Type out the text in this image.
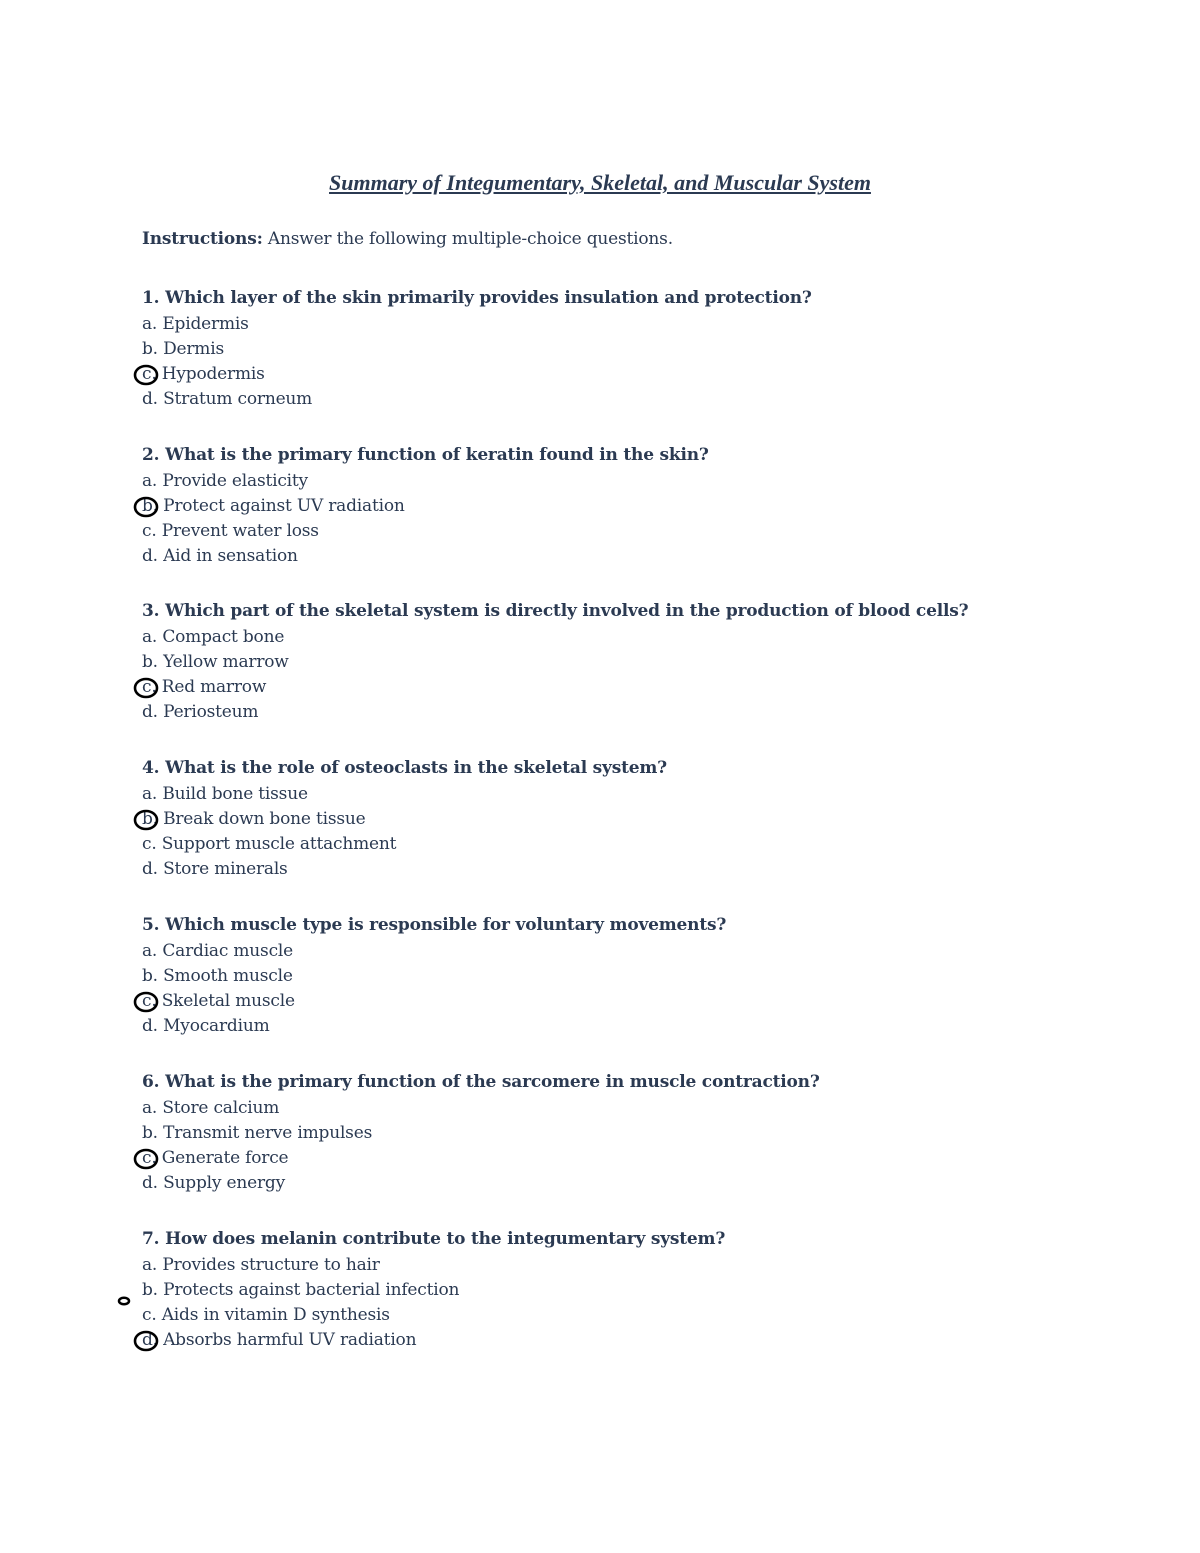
Summary of Integumentary, Skeletal, and Muscular System
Instructions: Answer the following multiple-choice questions.
1. Which layer of the skin primarily provides insulation and protection?
a. Epidermis
b. Dermis
c. Hypodermis
d. Stratum corneum
2. What is the primary function of keratin found in the skin?
a. Provide elasticity
b. Protect against UV radiation
c. Prevent water loss
d. Aid in sensation
3. Which part of the skeletal system is directly involved in the production of blood cells?
a. Compact bone
b. Yellow marrow
c. Red marrow
d. Periosteum
4. What is the role of osteoclasts in the skeletal system?
a. Build bone tissue
b. Break down bone tissue
c. Support muscle attachment
d. Store minerals
5. Which muscle type is responsible for voluntary movements?
a. Cardiac muscle
b. Smooth muscle
c. Skeletal muscle
d. Myocardium
6. What is the primary function of the sarcomere in muscle contraction?
a. Store calcium
b. Transmit nerve impulses
c. Generate force
d. Supply energy
7. How does melanin contribute to the integumentary system?
a. Provides structure to hair
b. Protects against bacterial infection
c. Aids in vitamin D synthesis
d. Absorbs harmful UV radiation
